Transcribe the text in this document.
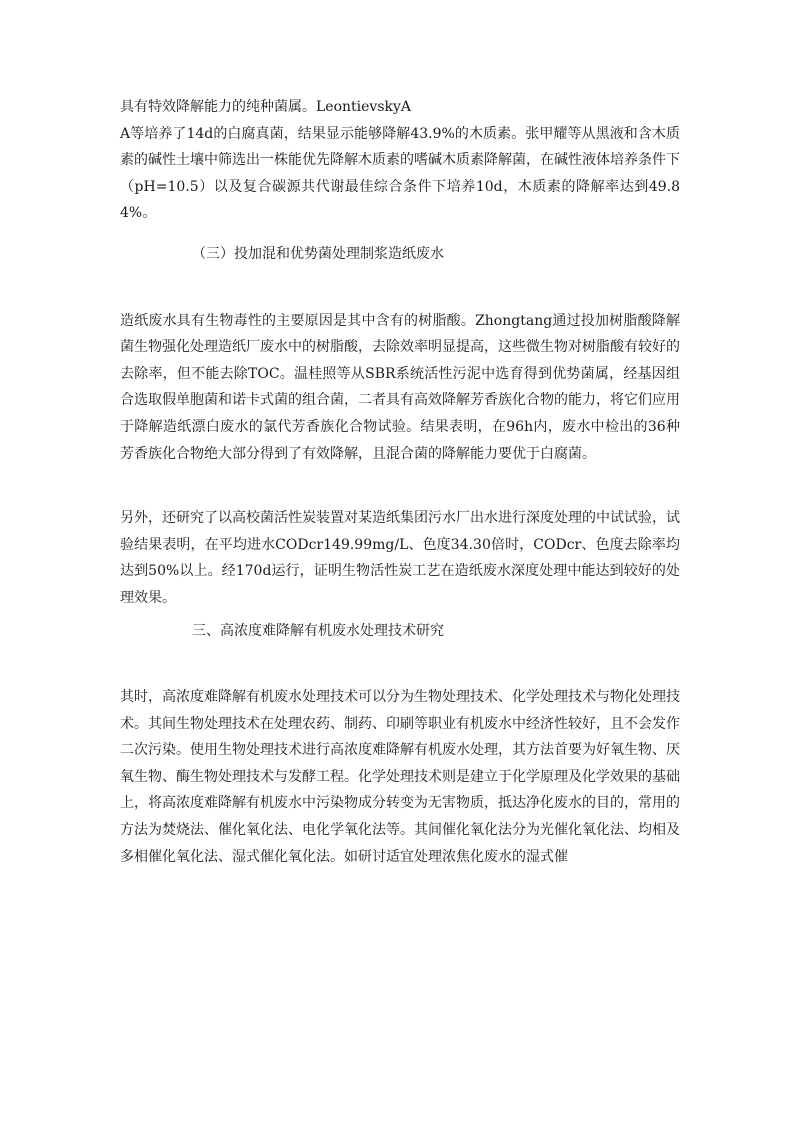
具有特效降解能力的纯种菌属。LeontievskyA
A等培养了14d的白腐真菌，结果显示能够降解43.9%的木质素。张甲耀等从黑液和含木质素的碱性土壤中筛选出一株能优先降解木质素的嗜碱木质素降解菌，在碱性液体培养条件下（pH=10.5）以及复合碳源共代谢最佳综合条件下培养10d，木质素的降解率达到49.84%。

（三）投加混和优势菌处理制浆造纸废水

造纸废水具有生物毒性的主要原因是其中含有的树脂酸。Zhongtang通过投加树脂酸降解菌生物强化处理造纸厂废水中的树脂酸，去除效率明显提高，这些微生物对树脂酸有较好的去除率，但不能去除TOC。温桂照等从SBR系统活性污泥中选育得到优势菌属，经基因组合选取假单胞菌和诺卡式菌的组合菌，二者具有高效降解芳香族化合物的能力，将它们应用于降解造纸漂白废水的氯代芳香族化合物试验。结果表明，在96h内，废水中检出的36种芳香族化合物绝大部分得到了有效降解，且混合菌的降解能力要优于白腐菌。

另外，还研究了以高校菌活性炭装置对某造纸集团污水厂出水进行深度处理的中试试验，试验结果表明，在平均进水CODcr149.99mg/L、色度34.30倍时，CODcr、色度去除率均达到50%以上。经170d运行，证明生物活性炭工艺在造纸废水深度处理中能达到较好的处理效果。

三、高浓度难降解有机废水处理技术研究

其时，高浓度难降解有机废水处理技术可以分为生物处理技术、化学处理技术与物化处理技术。其间生物处理技术在处理农药、制药、印刷等职业有机废水中经济性较好，且不会发作二次污染。使用生物处理技术进行高浓度难降解有机废水处理，其方法首要为好氧生物、厌氧生物、酶生物处理技术与发酵工程。化学处理技术则是建立于化学原理及化学效果的基础上，将高浓度难降解有机废水中污染物成分转变为无害物质，抵达净化废水的目的，常用的方法为焚烧法、催化氧化法、电化学氧化法等。其间催化氧化法分为光催化氧化法、均相及多相催化氧化法、湿式催化氧化法。如研讨适宜处理浓焦化废水的湿式催
